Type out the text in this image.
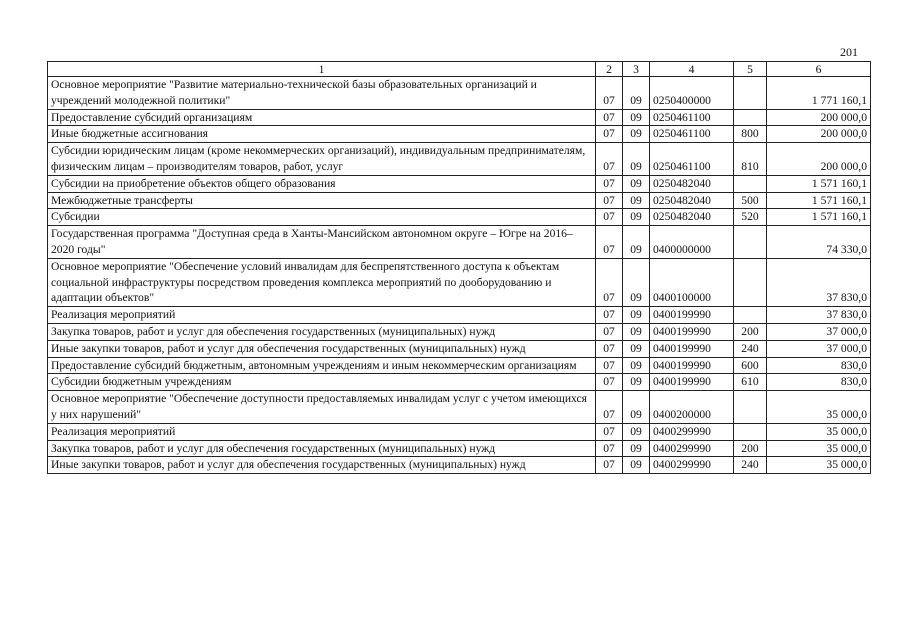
201
1	2	3	4	5	6
Основное мероприятие "Развитие материально-технической базы образовательных организаций и учреждений молодежной политики"	07	09	0250400000		1 771 160,1
Предоставление субсидий организациям	07	09	0250461100		200 000,0
Иные бюджетные ассигнования	07	09	0250461100	800	200 000,0
Субсидии юридическим лицам (кроме некоммерческих организаций), индивидуальным предпринимателям, физическим лицам – производителям товаров, работ, услуг	07	09	0250461100	810	200 000,0
Субсидии на приобретение объектов общего образования	07	09	0250482040		1 571 160,1
Межбюджетные трансферты	07	09	0250482040	500	1 571 160,1
Субсидии	07	09	0250482040	520	1 571 160,1
Государственная программа "Доступная среда в Ханты-Мансийском автономном округе – Югре на 2016–2020 годы"	07	09	0400000000		74 330,0
Основное мероприятие "Обеспечение условий инвалидам для беспрепятственного доступа к объектам социальной инфраструктуры посредством проведения комплекса мероприятий по дооборудованию и адаптации объектов"	07	09	0400100000		37 830,0
Реализация мероприятий	07	09	0400199990		37 830,0
Закупка товаров, работ и услуг для обеспечения государственных (муниципальных) нужд	07	09	0400199990	200	37 000,0
Иные закупки товаров, работ и услуг для обеспечения государственных (муниципальных) нужд	07	09	0400199990	240	37 000,0
Предоставление субсидий бюджетным, автономным учреждениям и иным некоммерческим организациям	07	09	0400199990	600	830,0
Субсидии бюджетным учреждениям	07	09	0400199990	610	830,0
Основное мероприятие "Обеспечение доступности предоставляемых инвалидам услуг с учетом имеющихся у них нарушений"	07	09	0400200000		35 000,0
Реализация мероприятий	07	09	0400299990		35 000,0
Закупка товаров, работ и услуг для обеспечения государственных (муниципальных) нужд	07	09	0400299990	200	35 000,0
Иные закупки товаров, работ и услуг для обеспечения государственных (муниципальных) нужд	07	09	0400299990	240	35 000,0
